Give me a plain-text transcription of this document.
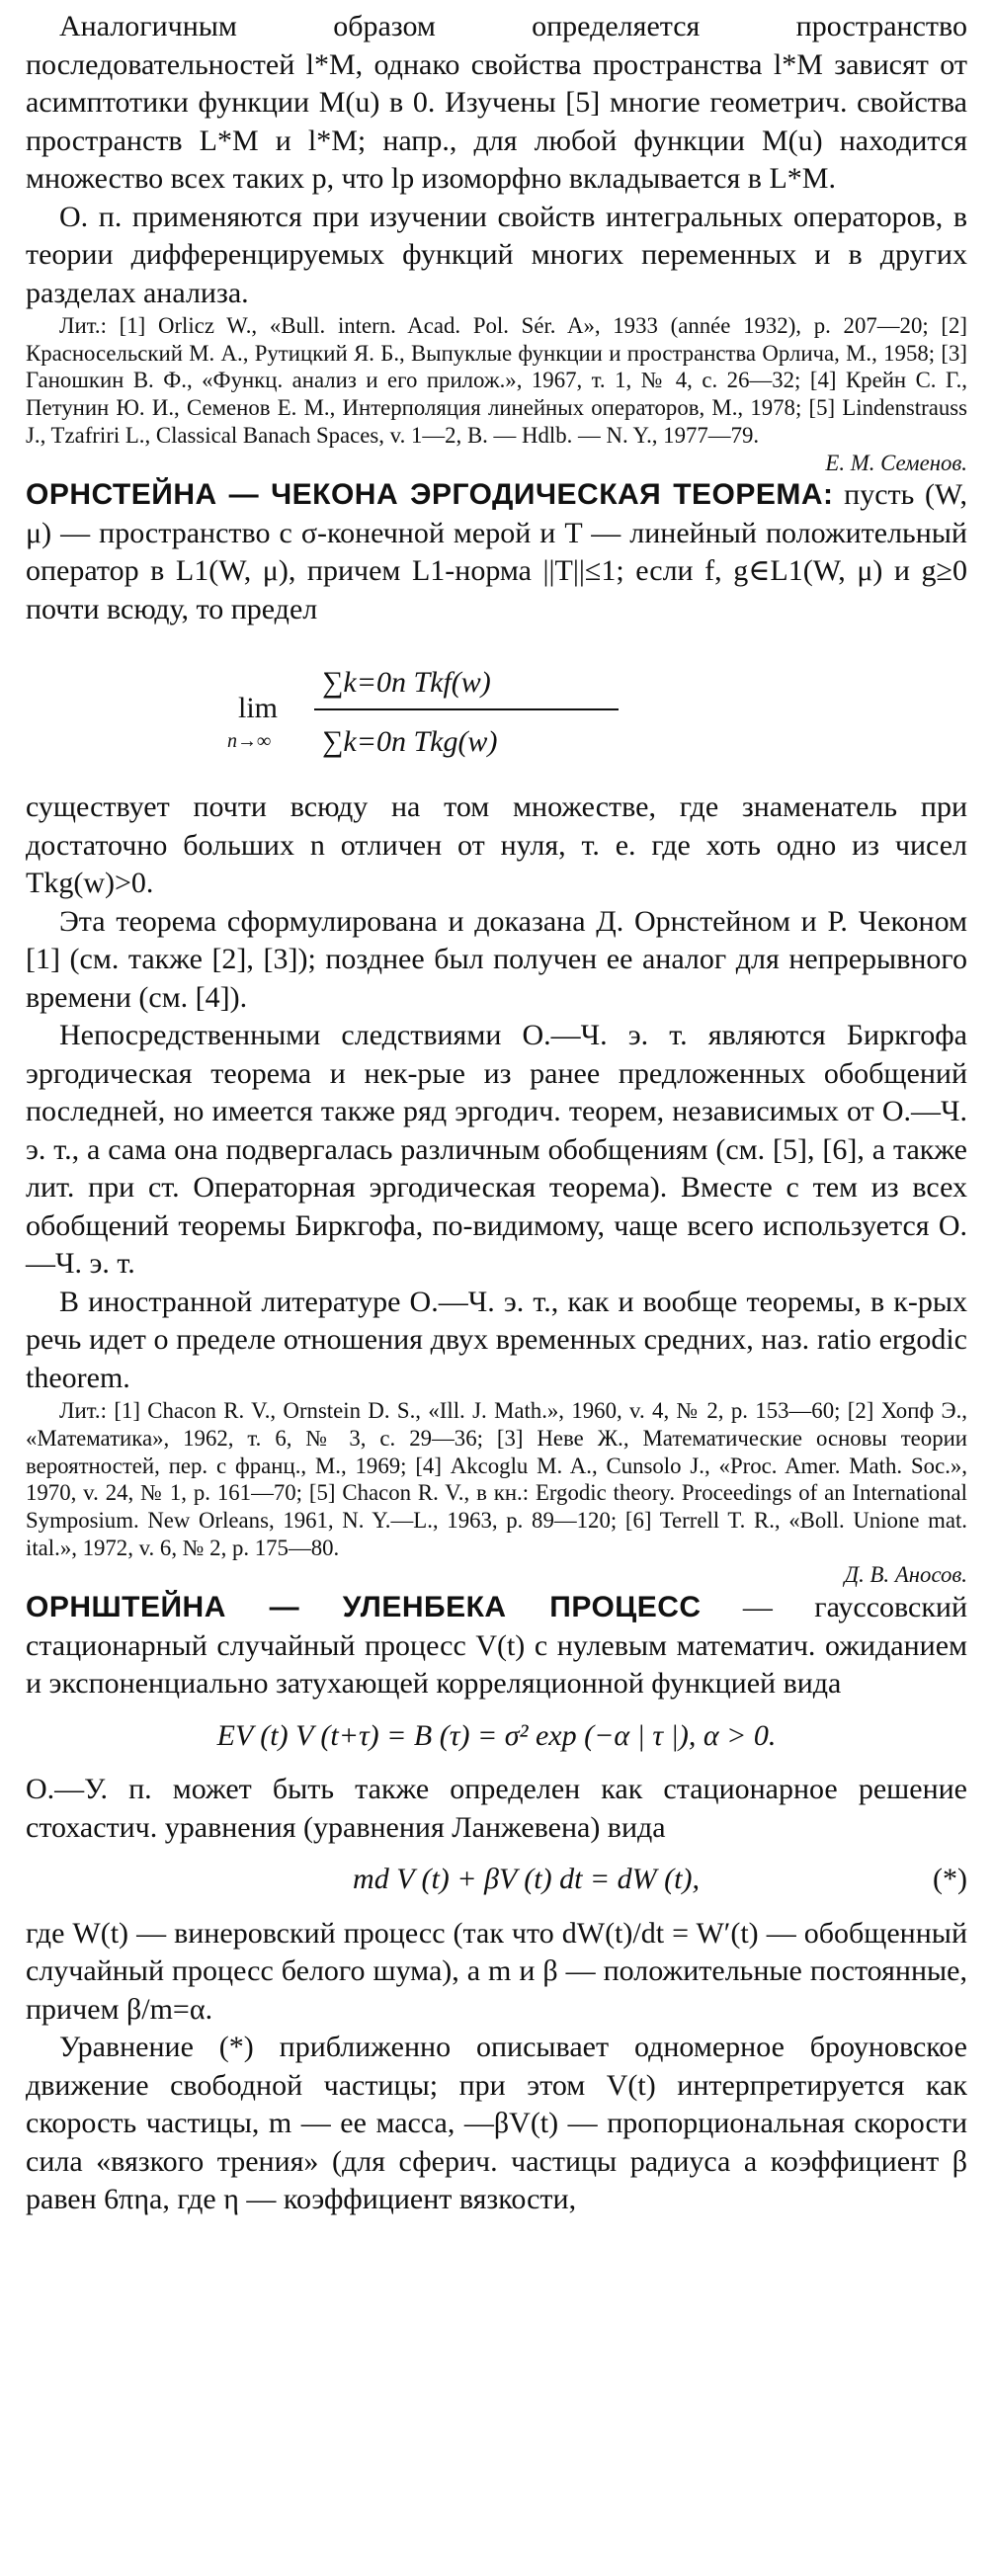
Аналогичным образом определяется пространство последовательностей l*M, однако свойства пространства l*M зависят от асимптотики функции M(u) в 0. Изучены [5] многие геометрич. свойства пространств L*M и l*M; напр., для любой функции M(u) находится множество всех таких p, что lp изоморфно вкладывается в L*M.

О. п. применяются при изучении свойств интегральных операторов, в теории дифференцируемых функций многих переменных и в других разделах анализа.

Лит.: [1] Orlicz W., «Bull. intern. Acad. Pol. Sér. A», 1933 (année 1932), p. 207—20; [2] Красносельский М. А., Рутицкий Я. Б., Выпуклые функции и пространства Орлича, М., 1958; [3] Ганошкин В. Ф., «Функц. анализ и его прилож.», 1967, т. 1, № 4, с. 26—32; [4] Крейн С. Г., Петунин Ю. И., Семенов Е. М., Интерполяция линейных операторов, М., 1978; [5] Lindenstrauss J., Tzafriri L., Classical Banach Spaces, v. 1—2, B. — Hdlb. — N. Y., 1977—79.

Е. М. Семенов.

ОРНСТЕЙНА — ЧЕКОНА ЭРГОДИЧЕСКАЯ ТЕОРЕМА: пусть (W, μ) — пространство с σ-конечной мерой и T — линейный положительный оператор в L1(W, μ), причем L1-норма ||T||≤1; если f, g∈L1(W, μ) и g≥0 почти всюду, то предел

lim
n→∞
∑k=0n Tkf(w)
∑k=0n Tkg(w)

существует почти всюду на том множестве, где знаменатель при достаточно больших n отличен от нуля, т. е. где хоть одно из чисел Tkg(w)>0.

Эта теорема сформулирована и доказана Д. Орнстейном и Р. Чеконом [1] (см. также [2], [3]); позднее был получен ее аналог для непрерывного времени (см. [4]).

Непосредственными следствиями О.—Ч. э. т. являются Биркгофа эргодическая теорема и нек-рые из ранее предложенных обобщений последней, но имеется также ряд эргодич. теорем, независимых от О.—Ч. э. т., а сама она подвергалась различным обобщениям (см. [5], [6], а также лит. при ст. Операторная эргодическая теорема). Вместе с тем из всех обобщений теоремы Биркгофа, по-видимому, чаще всего используется О.—Ч. э. т.

В иностранной литературе О.—Ч. э. т., как и вообще теоремы, в к-рых речь идет о пределе отношения двух временных средних, наз. ratio ergodic theorem.

Лит.: [1] Chacon R. V., Ornstein D. S., «Ill. J. Math.», 1960, v. 4, № 2, p. 153—60; [2] Хопф Э., «Математика», 1962, т. 6, № 3, с. 29—36; [3] Неве Ж., Математические основы теории вероятностей, пер. с франц., М., 1969; [4] Akcoglu M. A., Cunsolo J., «Proc. Amer. Math. Soc.», 1970, v. 24, № 1, p. 161—70; [5] Chacon R. V., в кн.: Ergodic theory. Proceedings of an International Symposium. New Orleans, 1961, N. Y.—L., 1963, p. 89—120; [6] Terrell T. R., «Boll. Unione mat. ital.», 1972, v. 6, № 2, p. 175—80.

Д. В. Аносов.

ОРНШТЕЙНА — УЛЕНБЕКА ПРОЦЕСС — гауссовский стационарный случайный процесс V(t) с нулевым математич. ожиданием и экспоненциально затухающей корреляционной функцией вида

EV (t) V (t+τ) = B (τ) = σ² exp (−α | τ |), α > 0.

О.—У. п. может быть также определен как стационарное решение стохастич. уравнения (уравнения Ланжевена) вида

md V (t) + βV (t) dt = dW (t),	(*)

где W(t) — винеровский процесс (так что dW(t)/dt = W′(t) — обобщенный случайный процесс белого шума), а m и β — положительные постоянные, причем β/m=α.

Уравнение (*) приближенно описывает одномерное броуновское движение свободной частицы; при этом V(t) интерпретируется как скорость частицы, m — ее масса, —βV(t) — пропорциональная скорости сила «вязкого трения» (для сферич. частицы радиуса a коэффициент β равен 6πηa, где η — коэффициент вязкости,
